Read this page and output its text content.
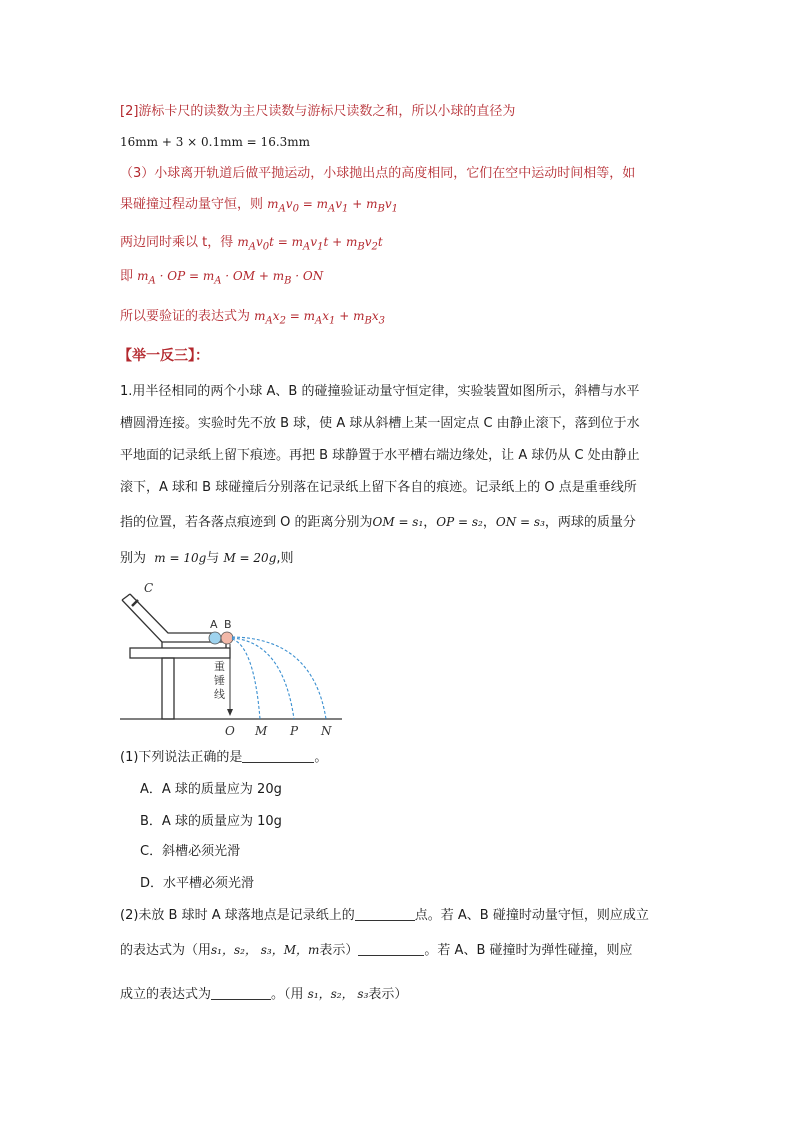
[2]游标卡尺的读数为主尺读数与游标尺读数之和，所以小球的直径为
16mm + 3 × 0.1mm = 16.3mm
（3）小球离开轨道后做平抛运动，小球抛出点的高度相同，它们在空中运动时间相等，如
果碰撞过程动量守恒，则 $m_Av_0 = m_Av_1 + m_Bv_1$
两边同时乘以 t，得 $m_Av_0t = m_Av_1t + m_Bv_2t$
即 $m_A$ · OP = $m_A$ · OM + $m_B$ · ON
所以要验证的表达式为 $m_Ax_2 = m_Ax_1 + m_Bx_3$
【举一反三】：
1.用半径相同的两个小球 A、B 的碰撞验证动量守恒定律，实验装置如图所示，斜槽与水平
槽圆滑连接。实验时先不放 B 球，使 A 球从斜槽上某一固定点 C 由静止滚下，落到位于水
平地面的记录纸上留下痕迹。再把 B 球静置于水平槽右端边缘处，让 A 球仍从 C 处由静止
滚下，A 球和 B 球碰撞后分别落在记录纸上留下各自的痕迹。记录纸上的 O 点是重垂线所
指的位置，若各落点痕迹到 O 的距离分别为OM = s₁，OP = s₂，ON = s₃，两球的质量分
别为 m = 10g与 M = 20g,则
C
A B
重
锤
线
O M P N
(1)下列说法正确的是	。
A．A 球的质量应为 20g
B．A 球的质量应为 10g
C．斜槽必须光滑
D．水平槽必须光滑
(2)未放 B 球时 A 球落地点是记录纸上的	点。若 A、B 碰撞时动量守恒，则应成立
的表达式为（用s₁，s₂， s₃，M，m表示）	。若 A、B 碰撞时为弹性碰撞，则应
成立的表达式为	。（用 s₁，s₂， s₃表示）
